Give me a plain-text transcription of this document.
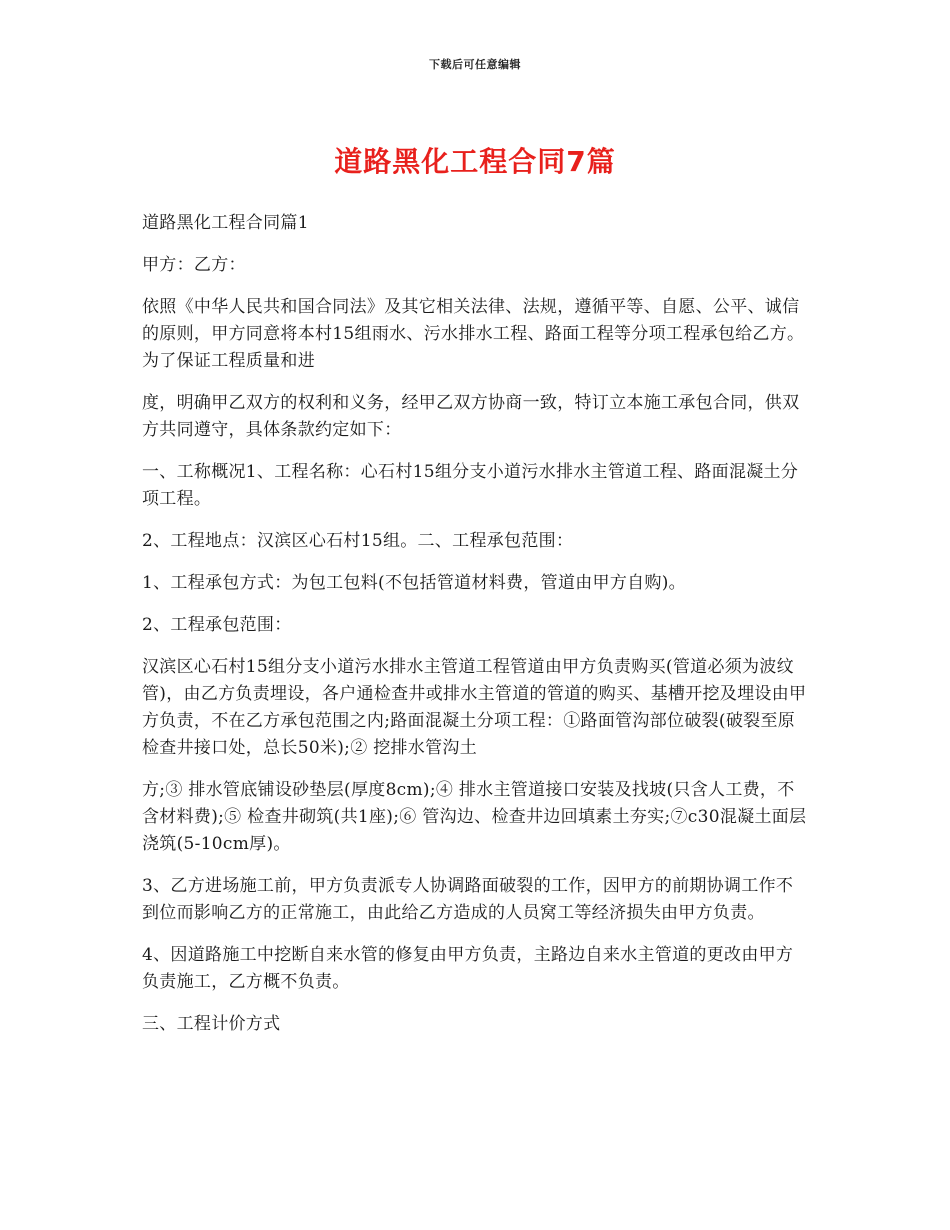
下载后可任意编辑
道路黑化工程合同7篇

道路黑化工程合同篇1

甲方：乙方：

依照《中华人民共和国合同法》及其它相关法律、法规，遵循平等、自愿、公平、诚信的原则，甲方同意将本村15组雨水、污水排水工程、路面工程等分项工程承包给乙方。为了保证工程质量和进

度，明确甲乙双方的权利和义务，经甲乙双方协商一致，特订立本施工承包合同，供双方共同遵守，具体条款约定如下：

一、工称概况1、工程名称：心石村15组分支小道污水排水主管道工程、路面混凝土分项工程。

2、工程地点：汉滨区心石村15组。二、工程承包范围：

1、工程承包方式：为包工包料(不包括管道材料费，管道由甲方自购)。

2、工程承包范围：

汉滨区心石村15组分支小道污水排水主管道工程管道由甲方负责购买(管道必须为波纹管)，由乙方负责埋设，各户通检查井或排水主管道的管道的购买、基槽开挖及埋设由甲方负责，不在乙方承包范围之内;路面混凝土分项工程：①路面管沟部位破裂(破裂至原检查井接口处，总长50米);② 挖排水管沟土

方;③ 排水管底铺设砂垫层(厚度8cm);④ 排水主管道接口安装及找坡(只含人工费，不含材料费);⑤ 检查井砌筑(共1座);⑥ 管沟边、检查井边回填素土夯实;⑦c30混凝土面层浇筑(5-10cm厚)。

3、乙方进场施工前，甲方负责派专人协调路面破裂的工作，因甲方的前期协调工作不到位而影响乙方的正常施工，由此给乙方造成的人员窝工等经济损失由甲方负责。

4、因道路施工中挖断自来水管的修复由甲方负责，主路边自来水主管道的更改由甲方负责施工，乙方概不负责。

三、工程计价方式
